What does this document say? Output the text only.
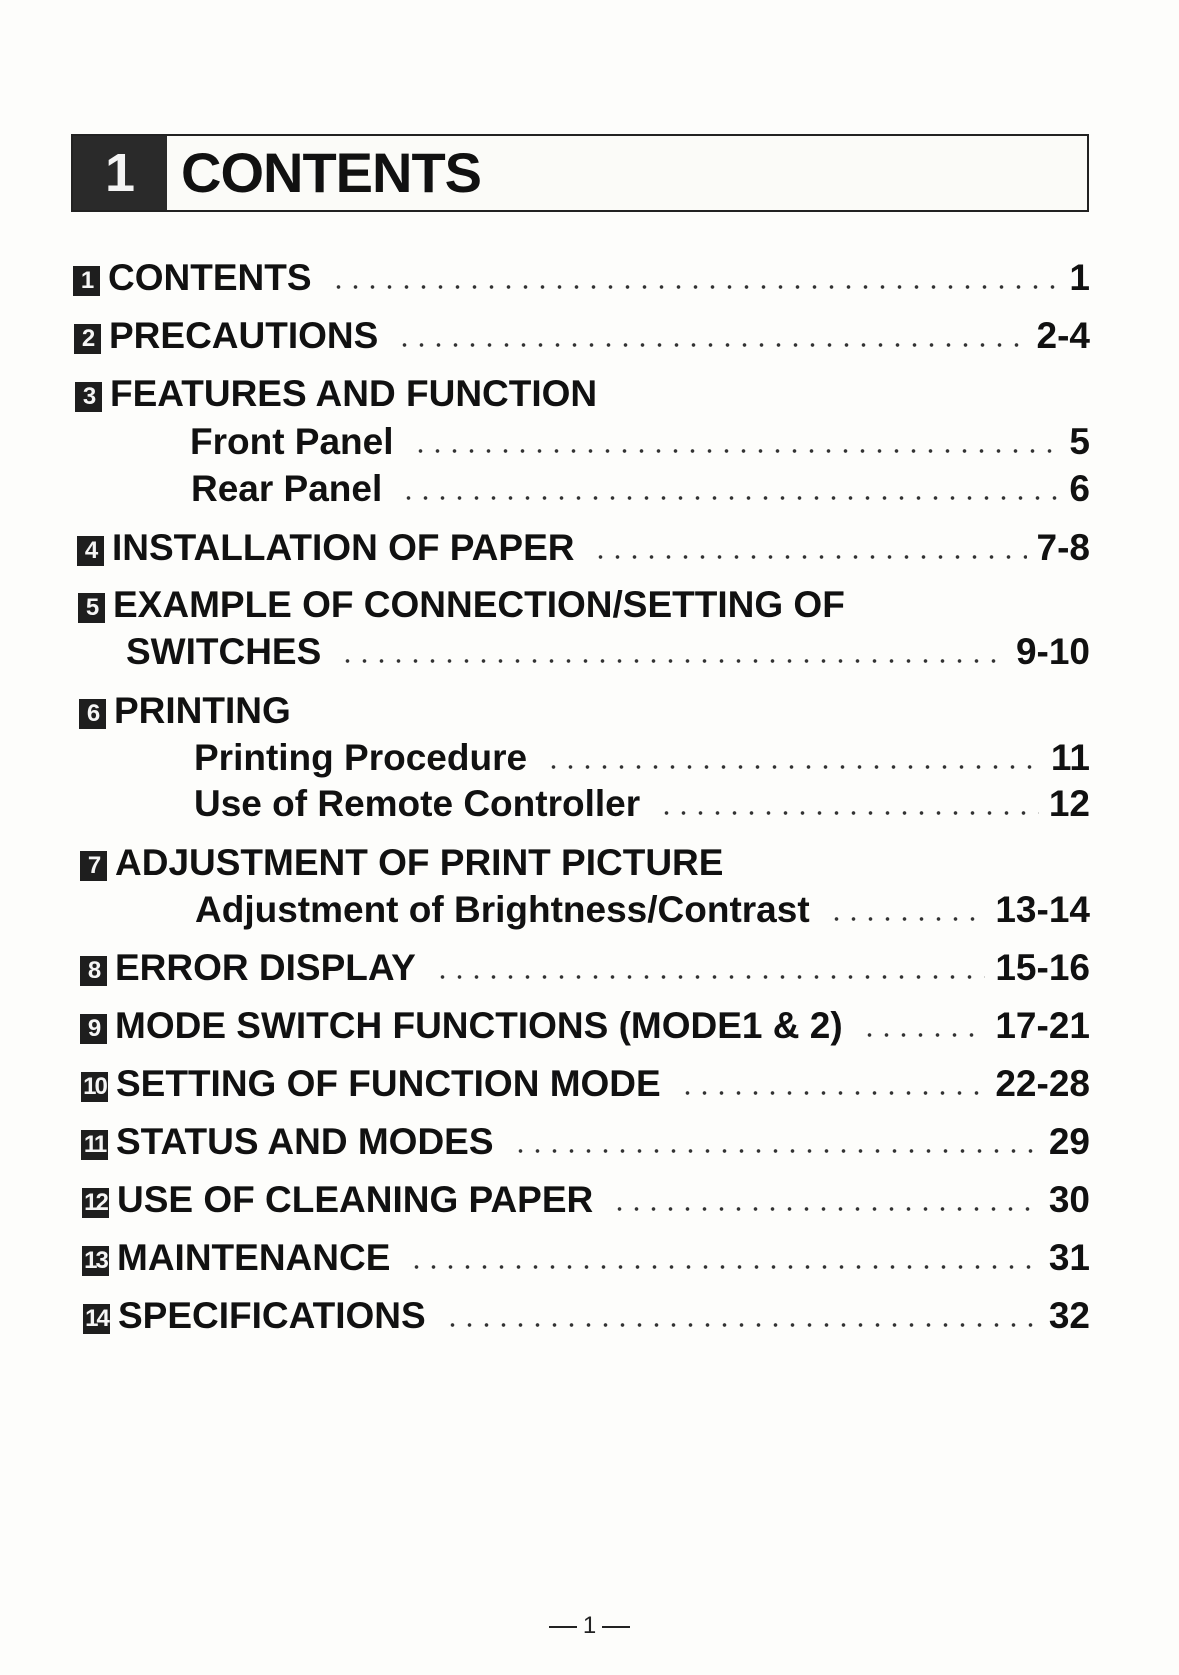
1 CONTENTS
1 CONTENTS	1
2 PRECAUTIONS	2-4
3 FEATURES AND FUNCTION
Front Panel	5
Rear Panel	6
4 INSTALLATION OF PAPER	7-8
5 EXAMPLE OF CONNECTION/SETTING OF
SWITCHES	9-10
6 PRINTING
Printing Procedure	11
Use of Remote Controller	12
7 ADJUSTMENT OF PRINT PICTURE
Adjustment of Brightness/Contrast	13-14
8 ERROR DISPLAY	15-16
9 MODE SWITCH FUNCTIONS (MODE1 & 2)	17-21
10 SETTING OF FUNCTION MODE	22-28
11 STATUS AND MODES	29
12 USE OF CLEANING PAPER	30
13 MAINTENANCE	31
14 SPECIFICATIONS	32
1
